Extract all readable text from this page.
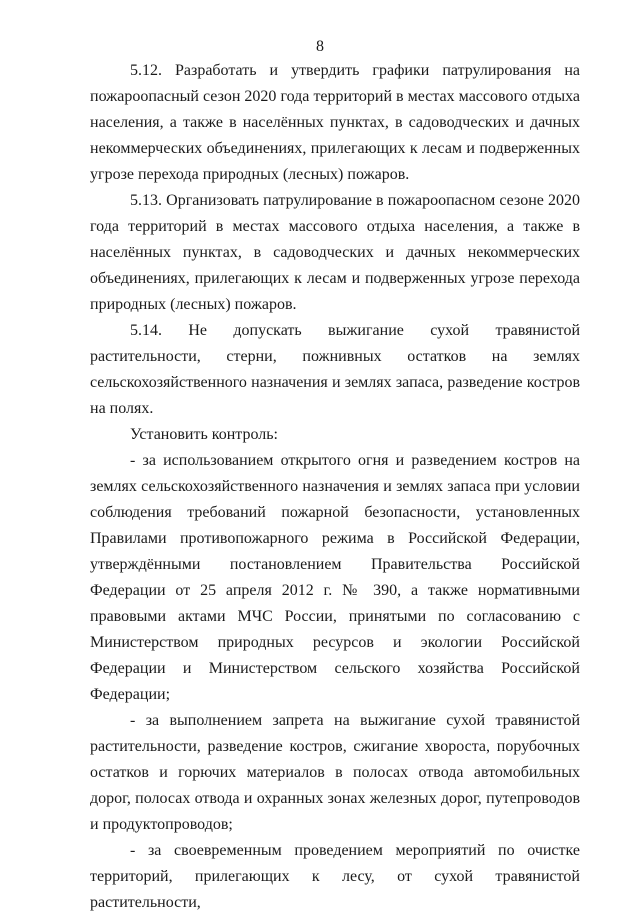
8

5.12. Разработать и утвердить графики патрулирования на пожароопасный сезон 2020 года территорий в местах массового отдыха населения, а также в населённых пунктах, в садоводческих и дачных некоммерческих объединениях, прилегающих к лесам и подверженных угрозе перехода природных (лесных) пожаров.

5.13. Организовать патрулирование в пожароопасном сезоне 2020 года территорий в местах массового отдыха населения, а также в населённых пунктах, в садоводческих и дачных некоммерческих объединениях, прилегающих к лесам и подверженных угрозе перехода природных (лесных) пожаров.

5.14. Не допускать выжигание сухой травянистой растительности, стерни, пожнивных остатков на землях сельскохозяйственного назначения и землях запаса, разведение костров на полях.

Установить контроль:

- за использованием открытого огня и разведением костров на землях сельскохозяйственного назначения и землях запаса при условии соблюдения требований пожарной безопасности, установленных Правилами противопожарного режима в Российской Федерации, утверждёнными постановлением Правительства Российской Федерации от 25 апреля 2012 г. № 390, а также нормативными правовыми актами МЧС России, принятыми по согласованию с Министерством природных ресурсов и экологии Российской Федерации и Министерством сельского хозяйства Российской Федерации;

- за выполнением запрета на выжигание сухой травянистой растительности, разведение костров, сжигание хвороста, порубочных остатков и горючих материалов в полосах отвода автомобильных дорог, полосах отвода и охранных зонах железных дорог, путепроводов и продуктопроводов;

- за своевременным проведением мероприятий по очистке территорий, прилегающих к лесу, от сухой травянистой растительности,
